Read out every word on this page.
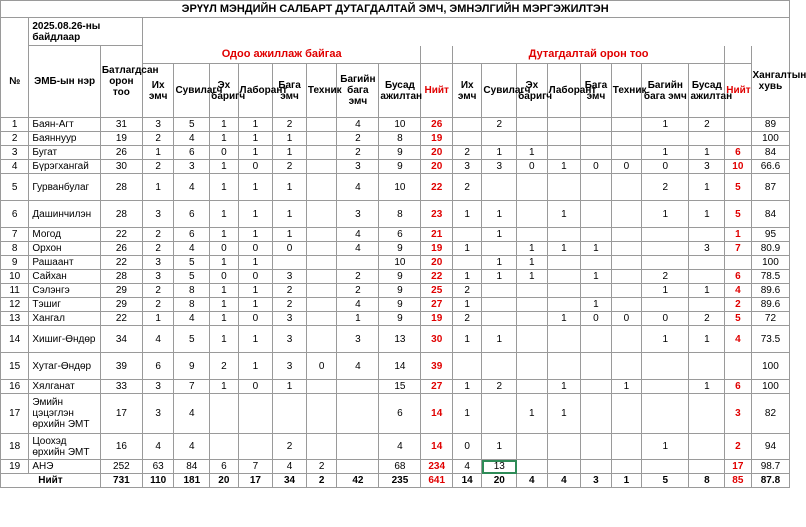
ЭРҮҮЛ МЭНДИЙН САЛБАРТ ДУТАГДАЛТАЙ ЭМЧ, ЭМНЭЛГИЙН МЭРГЭЖИЛТЭН																						
	2025.08.26-ны байдлаар																					
№	ЭМБ-ын нэр	Батлагдсан орон тоо	Одоо ажиллаж байгаа									Дутагдалтай орон тоо									Хангалтын хувь	
			Их эмч	Сувилагч	Эх баригч	Лаборант	Бага эмч	Техник	Багийн бага эмч	Бусад ажилтан	Нийт	Их эмч	Сувилагч	Эх баригч	Лаборант	Бага эмч	Техник	Багийн бага эмч	Бусад ажилтан	Нийт		
1	Баян-Агт	31	3	5	1	1	2		4	10	26		2					1	2		89	
2	Баяннуур	19	2	4	1	1	1		2	8	19										100	
3	Бугат	26	1	6	0	1	1		2	9	20	2	1	1				1	1	6	84	
4	Бүрэгхангай	30	2	3	1	0	2		3	9	20	3	3	0	1	0	0	0	3	10	66.6	
5	Гурванбулаг	28	1	4	1	1	1		4	10	22	2						2	1	5	87	
6	Дашинчилэн	28	3	6	1	1	1		3	8	23	1	1		1			1	1	5	84	
7	Могод	22	2	6	1	1	1		4	6	21		1							1	95	
8	Орхон	26	2	4	0	0	0		4	9	19	1		1	1	1			3	7	80.9	
9	Рашаант	22	3	5	1	1				10	20		1	1							100	
10	Сайхан	28	3	5	0	0	3		2	9	22	1	1	1		1		2		6	78.5	
11	Сэлэнгэ	29	2	8	1	1	2		2	9	25	2						1	1	4	89.6	
12	Тэшиг	29	2	8	1	1	2		4	9	27	1				1				2	89.6	
13	Хангал	22	1	4	1	0	3		1	9	19	2			1	0	0	0	2	5	72	
14	Хишиг-Өндөр	34	4	5	1	1	3		3	13	30	1	1					1	1	4	73.5	
15	Хутаг-Өндөр	39	6	9	2	1	3	0	4	14	39										100	
16	Хялганат	33	3	7	1	0	1			15	27	1	2		1		1		1	6	100	
17	Эмийн цэцэглэн өрхийн ЭМТ	17	3	4						6	14	1		1	1					3	82	
18	Цоохэд өрхийн ЭМТ	16	4	4			2			4	14	0	1					1		2	94	
19	АНЭ	252	63	84	6	7	4	2		68	234	4	13							17	98.7	
Нийт		731	110	181	20	17	34	2	42	235	641	14	20	4	4	3	1	5	8	85	87.8	
